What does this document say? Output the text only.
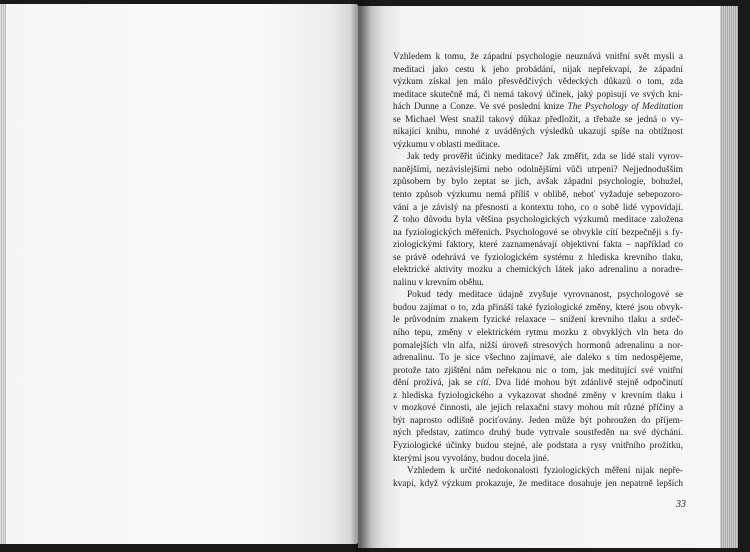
Vzhledem k tomu, že západní psychologie neuznává vnitřní svět mysli a
meditaci jako cestu k jeho probádání, nijak nepřekvapí, že západní
výzkum získal jen málo přesvědčivých vědeckých důkazů o tom, zda
meditace skutečně má, či nemá takový účinek, jaký popisují ve svých kni-
hách Dunne a Conze. Ve své poslední knize The Psychology of Meditation
se Michael West snažil takový důkaz předložit, a třebaže se jedná o vy-
nikající knihu, mnohé z uváděných výsledků ukazují spíše na obtížnost
výzkumu v oblasti meditace.
Jak tedy prověřit účinky meditace? Jak změřit, zda se lidé stali vyrov-
nanějšími, nezávislejšími nebo odolnějšími vůči utrpení? Nejjednodušším
způsobem by bylo zeptat se jich, avšak západní psychologie, bohužel,
tento způsob výzkumu nemá příliš v oblibě, neboť vyžaduje sebepozoro-
vání a je závislý na přesnosti a kontextu toho, co o sobě lidé vypovídají.
Z toho důvodu byla většina psychologických výzkumů meditace založena
na fyziologických měřeních. Psychologové se obvykle cítí bezpečněji s fy-
ziologickými faktory, které zaznamenávají objektivní fakta – například co
se právě odehrává ve fyziologickém systému z hlediska krevního tlaku,
elektrické aktivity mozku a chemických látek jako adrenalinu a noradre-
nalinu v krevním oběhu.
Pokud tedy meditace údajně zvyšuje vyrovnanost, psychologové se
budou zajímat o to, zda přináší také fyziologické změny, které jsou obvyk-
le průvodním znakem fyzické relaxace – snížení krevního tlaku a srdeč-
ního tepu, změny v elektrickém rytmu mozku z obvyklých vln beta do
pomalejších vln alfa, nižší úroveň stresových hormonů adrenalinu a nor-
adrenalinu. To je sice všechno zajímavé, ale daleko s tím nedospějeme,
protože tato zjištění nám neřeknou nic o tom, jak meditující své vnitřní
dění prožívá, jak se cítí. Dva lidé mohou být zdánlivě stejně odpočinutí
z hlediska fyziologického a vykazovat shodné změny v krevním tlaku i
v mozkové činnosti, ale jejich relaxační stavy mohou mít různé příčiny a
být naprosto odlišně pociťovány. Jeden může být pohroužen do příjem-
ných představ, zatímco druhý bude vytrvale soustředěn na své dýchání.
Fyziologické účinky budou stejné, ale podstata a rysy vnitřního prožitku,
kterými jsou vyvolány, budou docela jiné.
Vzhledem k určité nedokonalosti fyziologických měření nijak nepře-
kvapí, když výzkum prokazuje, že meditace dosahuje jen nepatrně lepších
33
